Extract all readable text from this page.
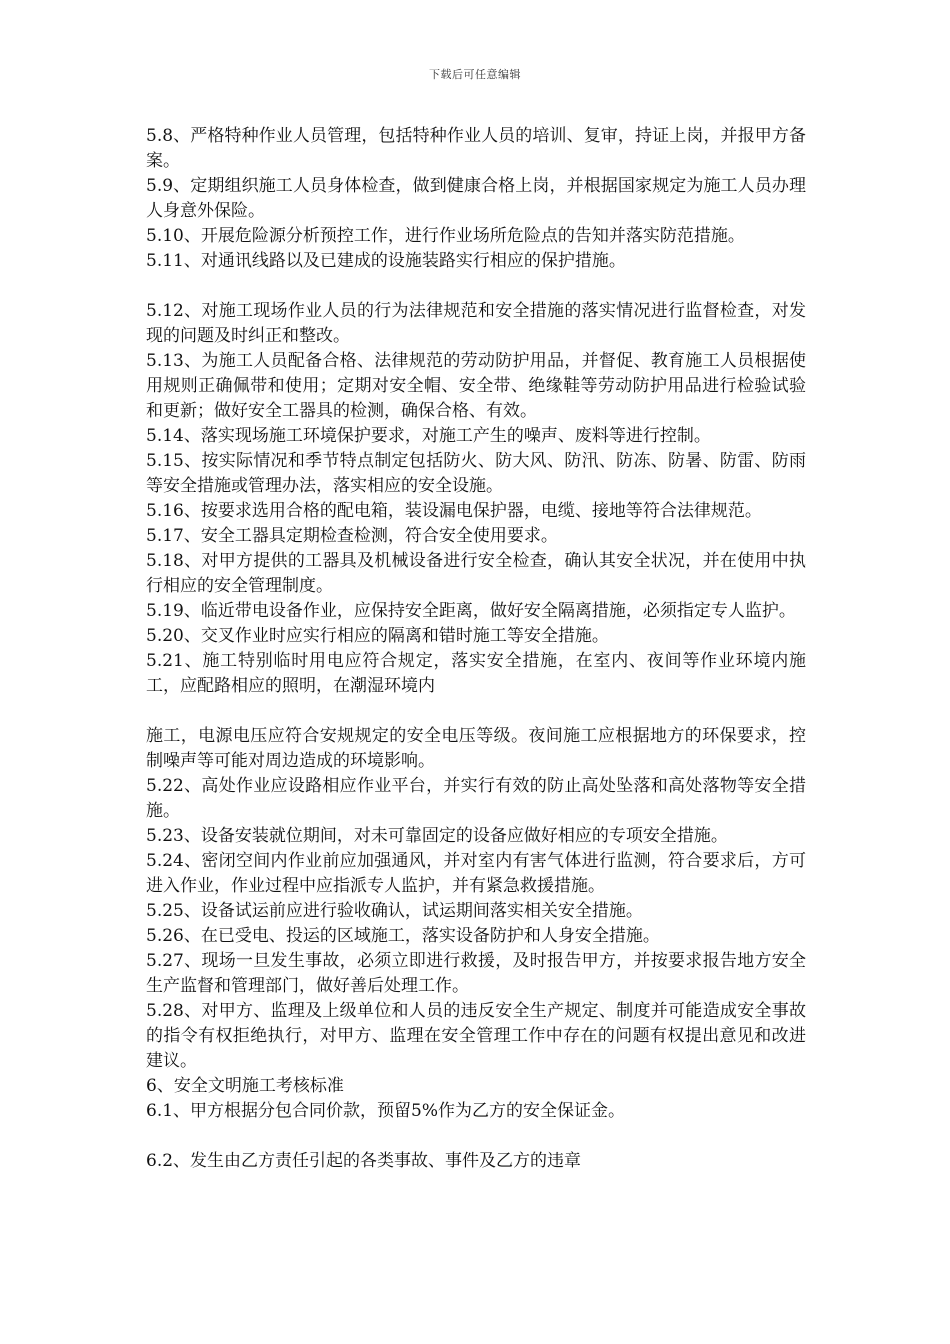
下载后可任意编辑

5.8、严格特种作业人员管理，包括特种作业人员的培训、复审，持证上岗，并报甲方备案。

5.9、定期组织施工人员身体检查，做到健康合格上岗，并根据国家规定为施工人员办理人身意外保险。

5.10、开展危险源分析预控工作，进行作业场所危险点的告知并落实防范措施。

5.11、对通讯线路以及已建成的设施装路实行相应的保护措施。

5.12、对施工现场作业人员的行为法律规范和安全措施的落实情况进行监督检查，对发现的问题及时纠正和整改。

5.13、为施工人员配备合格、法律规范的劳动防护用品，并督促、教育施工人员根据使用规则正确佩带和使用；定期对安全帽、安全带、绝缘鞋等劳动防护用品进行检验试验和更新；做好安全工器具的检测，确保合格、有效。

5.14、落实现场施工环境保护要求，对施工产生的噪声、废料等进行控制。

5.15、按实际情况和季节特点制定包括防火、防大风、防汛、防冻、防暑、防雷、防雨等安全措施或管理办法，落实相应的安全设施。

5.16、按要求选用合格的配电箱，装设漏电保护器，电缆、接地等符合法律规范。

5.17、安全工器具定期检查检测，符合安全使用要求。

5.18、对甲方提供的工器具及机械设备进行安全检查，确认其安全状况，并在使用中执行相应的安全管理制度。

5.19、临近带电设备作业，应保持安全距离，做好安全隔离措施，必须指定专人监护。

5.20、交叉作业时应实行相应的隔离和错时施工等安全措施。

5.21、施工特别临时用电应符合规定，落实安全措施，在室内、夜间等作业环境内施工，应配路相应的照明，在潮湿环境内

施工，电源电压应符合安规规定的安全电压等级。夜间施工应根据地方的环保要求，控制噪声等可能对周边造成的环境影响。

5.22、高处作业应设路相应作业平台，并实行有效的防止高处坠落和高处落物等安全措施。

5.23、设备安装就位期间，对未可靠固定的设备应做好相应的专项安全措施。

5.24、密闭空间内作业前应加强通风，并对室内有害气体进行监测，符合要求后，方可进入作业，作业过程中应指派专人监护，并有紧急救援措施。

5.25、设备试运前应进行验收确认，试运期间落实相关安全措施。

5.26、在已受电、投运的区域施工，落实设备防护和人身安全措施。

5.27、现场一旦发生事故，必须立即进行救援，及时报告甲方，并按要求报告地方安全生产监督和管理部门，做好善后处理工作。

5.28、对甲方、监理及上级单位和人员的违反安全生产规定、制度并可能造成安全事故的指令有权拒绝执行，对甲方、监理在安全管理工作中存在的问题有权提出意见和改进建议。

6、安全文明施工考核标准

6.1、甲方根据分包合同价款，预留5%作为乙方的安全保证金。

6.2、发生由乙方责任引起的各类事故、事件及乙方的违章
